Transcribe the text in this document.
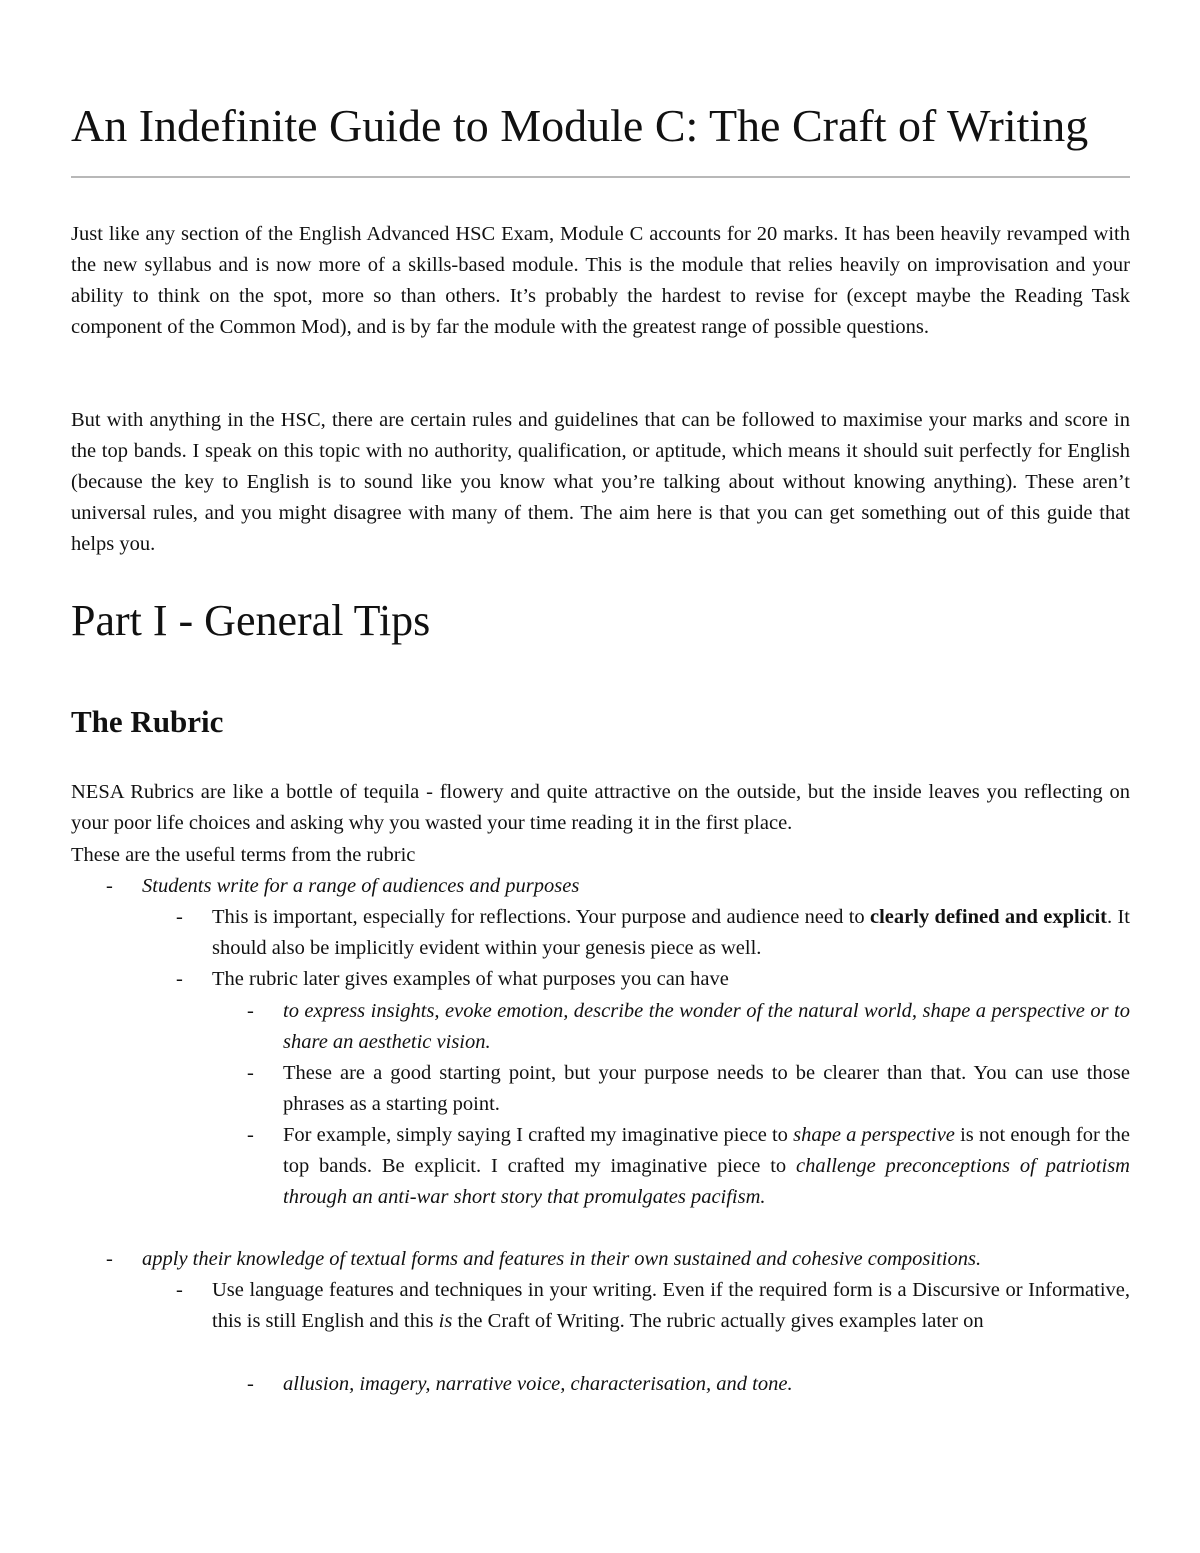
An Indefinite Guide to Module C: The Craft of Writing

Just like any section of the English Advanced HSC Exam, Module C accounts for 20 marks. It has been heavily revamped with the new syllabus and is now more of a skills-based module. This is the module that relies heavily on improvisation and your ability to think on the spot, more so than others. It’s probably the hardest to revise for (except maybe the Reading Task component of the Common Mod), and is by far the module with the greatest range of possible questions.

But with anything in the HSC, there are certain rules and guidelines that can be followed to maximise your marks and score in the top bands. I speak on this topic with no authority, qualification, or aptitude, which means it should suit perfectly for English (because the key to English is to sound like you know what you’re talking about without knowing anything). These aren’t universal rules, and you might disagree with many of them. The aim here is that you can get something out of this guide that helps you.

Part I - General Tips
The Rubric

NESA Rubrics are like a bottle of tequila - flowery and quite attractive on the outside, but the inside leaves you reflecting on your poor life choices and asking why you wasted your time reading it in the first place.

These are the useful terms from the rubric

- Students write for a range of audiences and purposes
- This is important, especially for reflections. Your purpose and audience need to clearly defined and explicit. It should also be implicitly evident within your genesis piece as well.
- The rubric later gives examples of what purposes you can have
- to express insights, evoke emotion, describe the wonder of the natural world, shape a perspective or to share an aesthetic vision.
- These are a good starting point, but your purpose needs to be clearer than that. You can use those phrases as a starting point.
- For example, simply saying I crafted my imaginative piece to shape a perspective is not enough for the top bands. Be explicit. I crafted my imaginative piece to challenge preconceptions of patriotism through an anti-war short story that promulgates pacifism.
- apply their knowledge of textual forms and features in their own sustained and cohesive compositions.
- Use language features and techniques in your writing. Even if the required form is a Discursive or Informative, this is still English and this is the Craft of Writing. The rubric actually gives examples later on
- allusion, imagery, narrative voice, characterisation, and tone.
